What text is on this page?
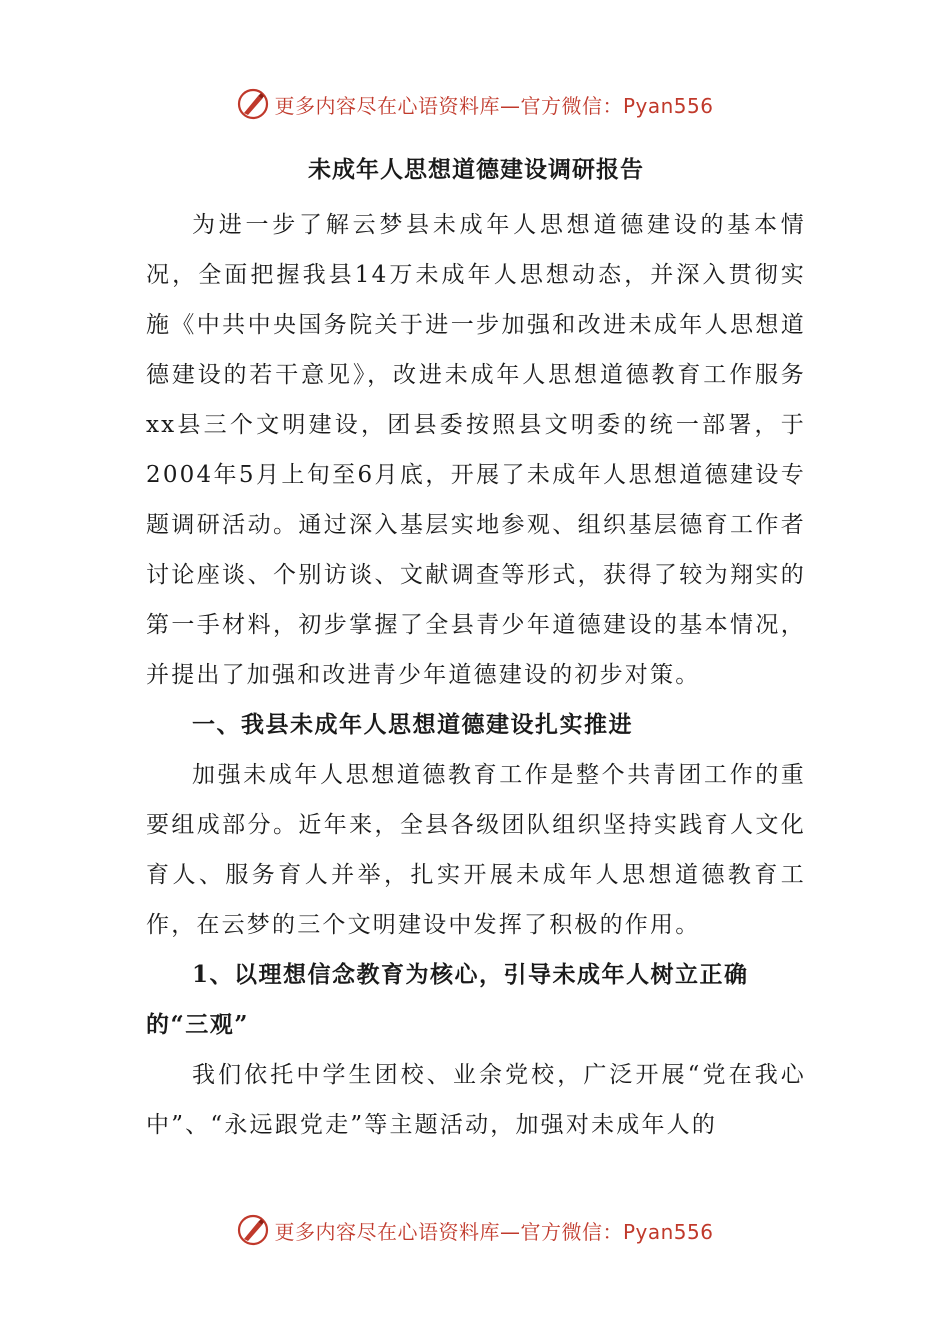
更多内容尽在心语资料库—官方微信：Pyan556
未成年人思想道德建设调研报告

为进一步了解云梦县未成年人思想道德建设的基本情况，全面把握我县14万未成年人思想动态，并深入贯彻实施《中共中央国务院关于进一步加强和改进未成年人思想道德建设的若干意见》，改进未成年人思想道德教育工作服务xx县三个文明建设，团县委按照县文明委的统一部署，于2004年5月上旬至6月底，开展了未成年人思想道德建设专题调研活动。通过深入基层实地参观、组织基层德育工作者讨论座谈、个别访谈、文献调查等形式，获得了较为翔实的第一手材料，初步掌握了全县青少年道德建设的基本情况，并提出了加强和改进青少年道德建设的初步对策。

一、我县未成年人思想道德建设扎实推进

加强未成年人思想道德教育工作是整个共青团工作的重要组成部分。近年来，全县各级团队组织坚持实践育人文化育人、服务育人并举，扎实开展未成年人思想道德教育工作，在云梦的三个文明建设中发挥了积极的作用。

1、以理想信念教育为核心，引导未成年人树立正确的“三观”

我们依托中学生团校、业余党校，广泛开展“党在我心中”、“永远跟党走”等主题活动，加强对未成年人的

更多内容尽在心语资料库—官方微信：Pyan556
